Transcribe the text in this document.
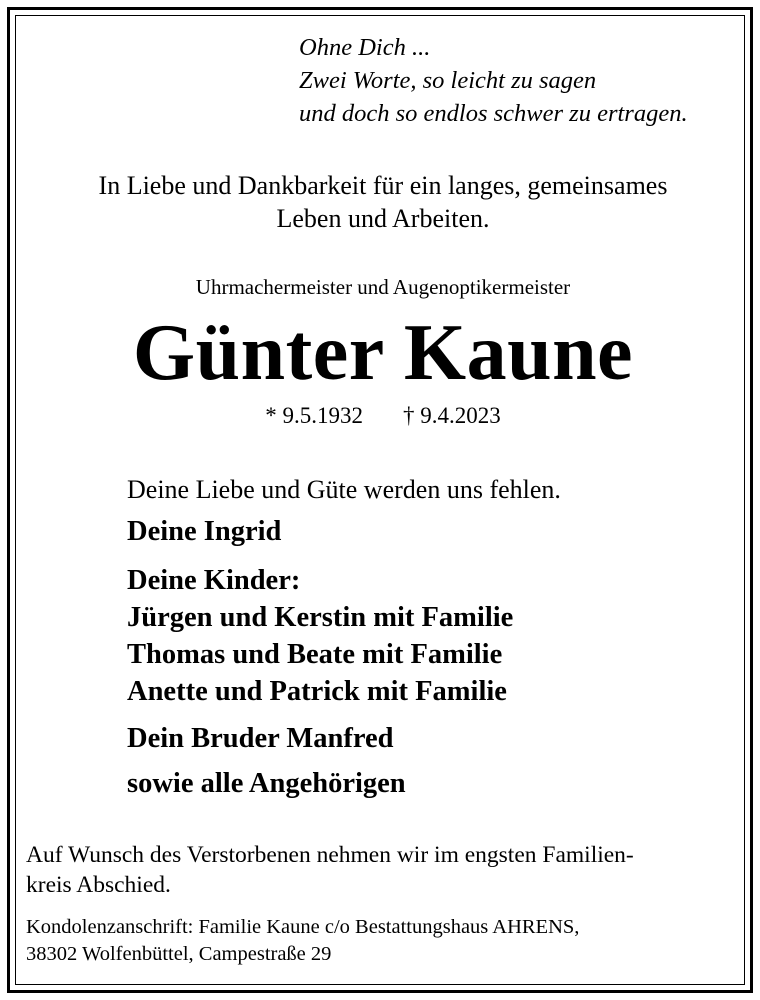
Ohne Dich ...
Zwei Worte, so leicht zu sagen
und doch so endlos schwer zu ertragen.
In Liebe und Dankbarkeit für ein langes, gemeinsames
Leben und Arbeiten.
Uhrmachermeister und Augenoptikermeister
Günter Kaune
* 9.5.1932 † 9.4.2023
Deine Liebe und Güte werden uns fehlen.
Deine Ingrid
Deine Kinder:
Jürgen und Kerstin mit Familie
Thomas und Beate mit Familie
Anette und Patrick mit Familie
Dein Bruder Manfred
sowie alle Angehörigen
Auf Wunsch des Verstorbenen nehmen wir im engsten Familien-
kreis Abschied.
Kondolenzanschrift: Familie Kaune c/o Bestattungshaus AHRENS,
38302 Wolfenbüttel, Campestraße 29
